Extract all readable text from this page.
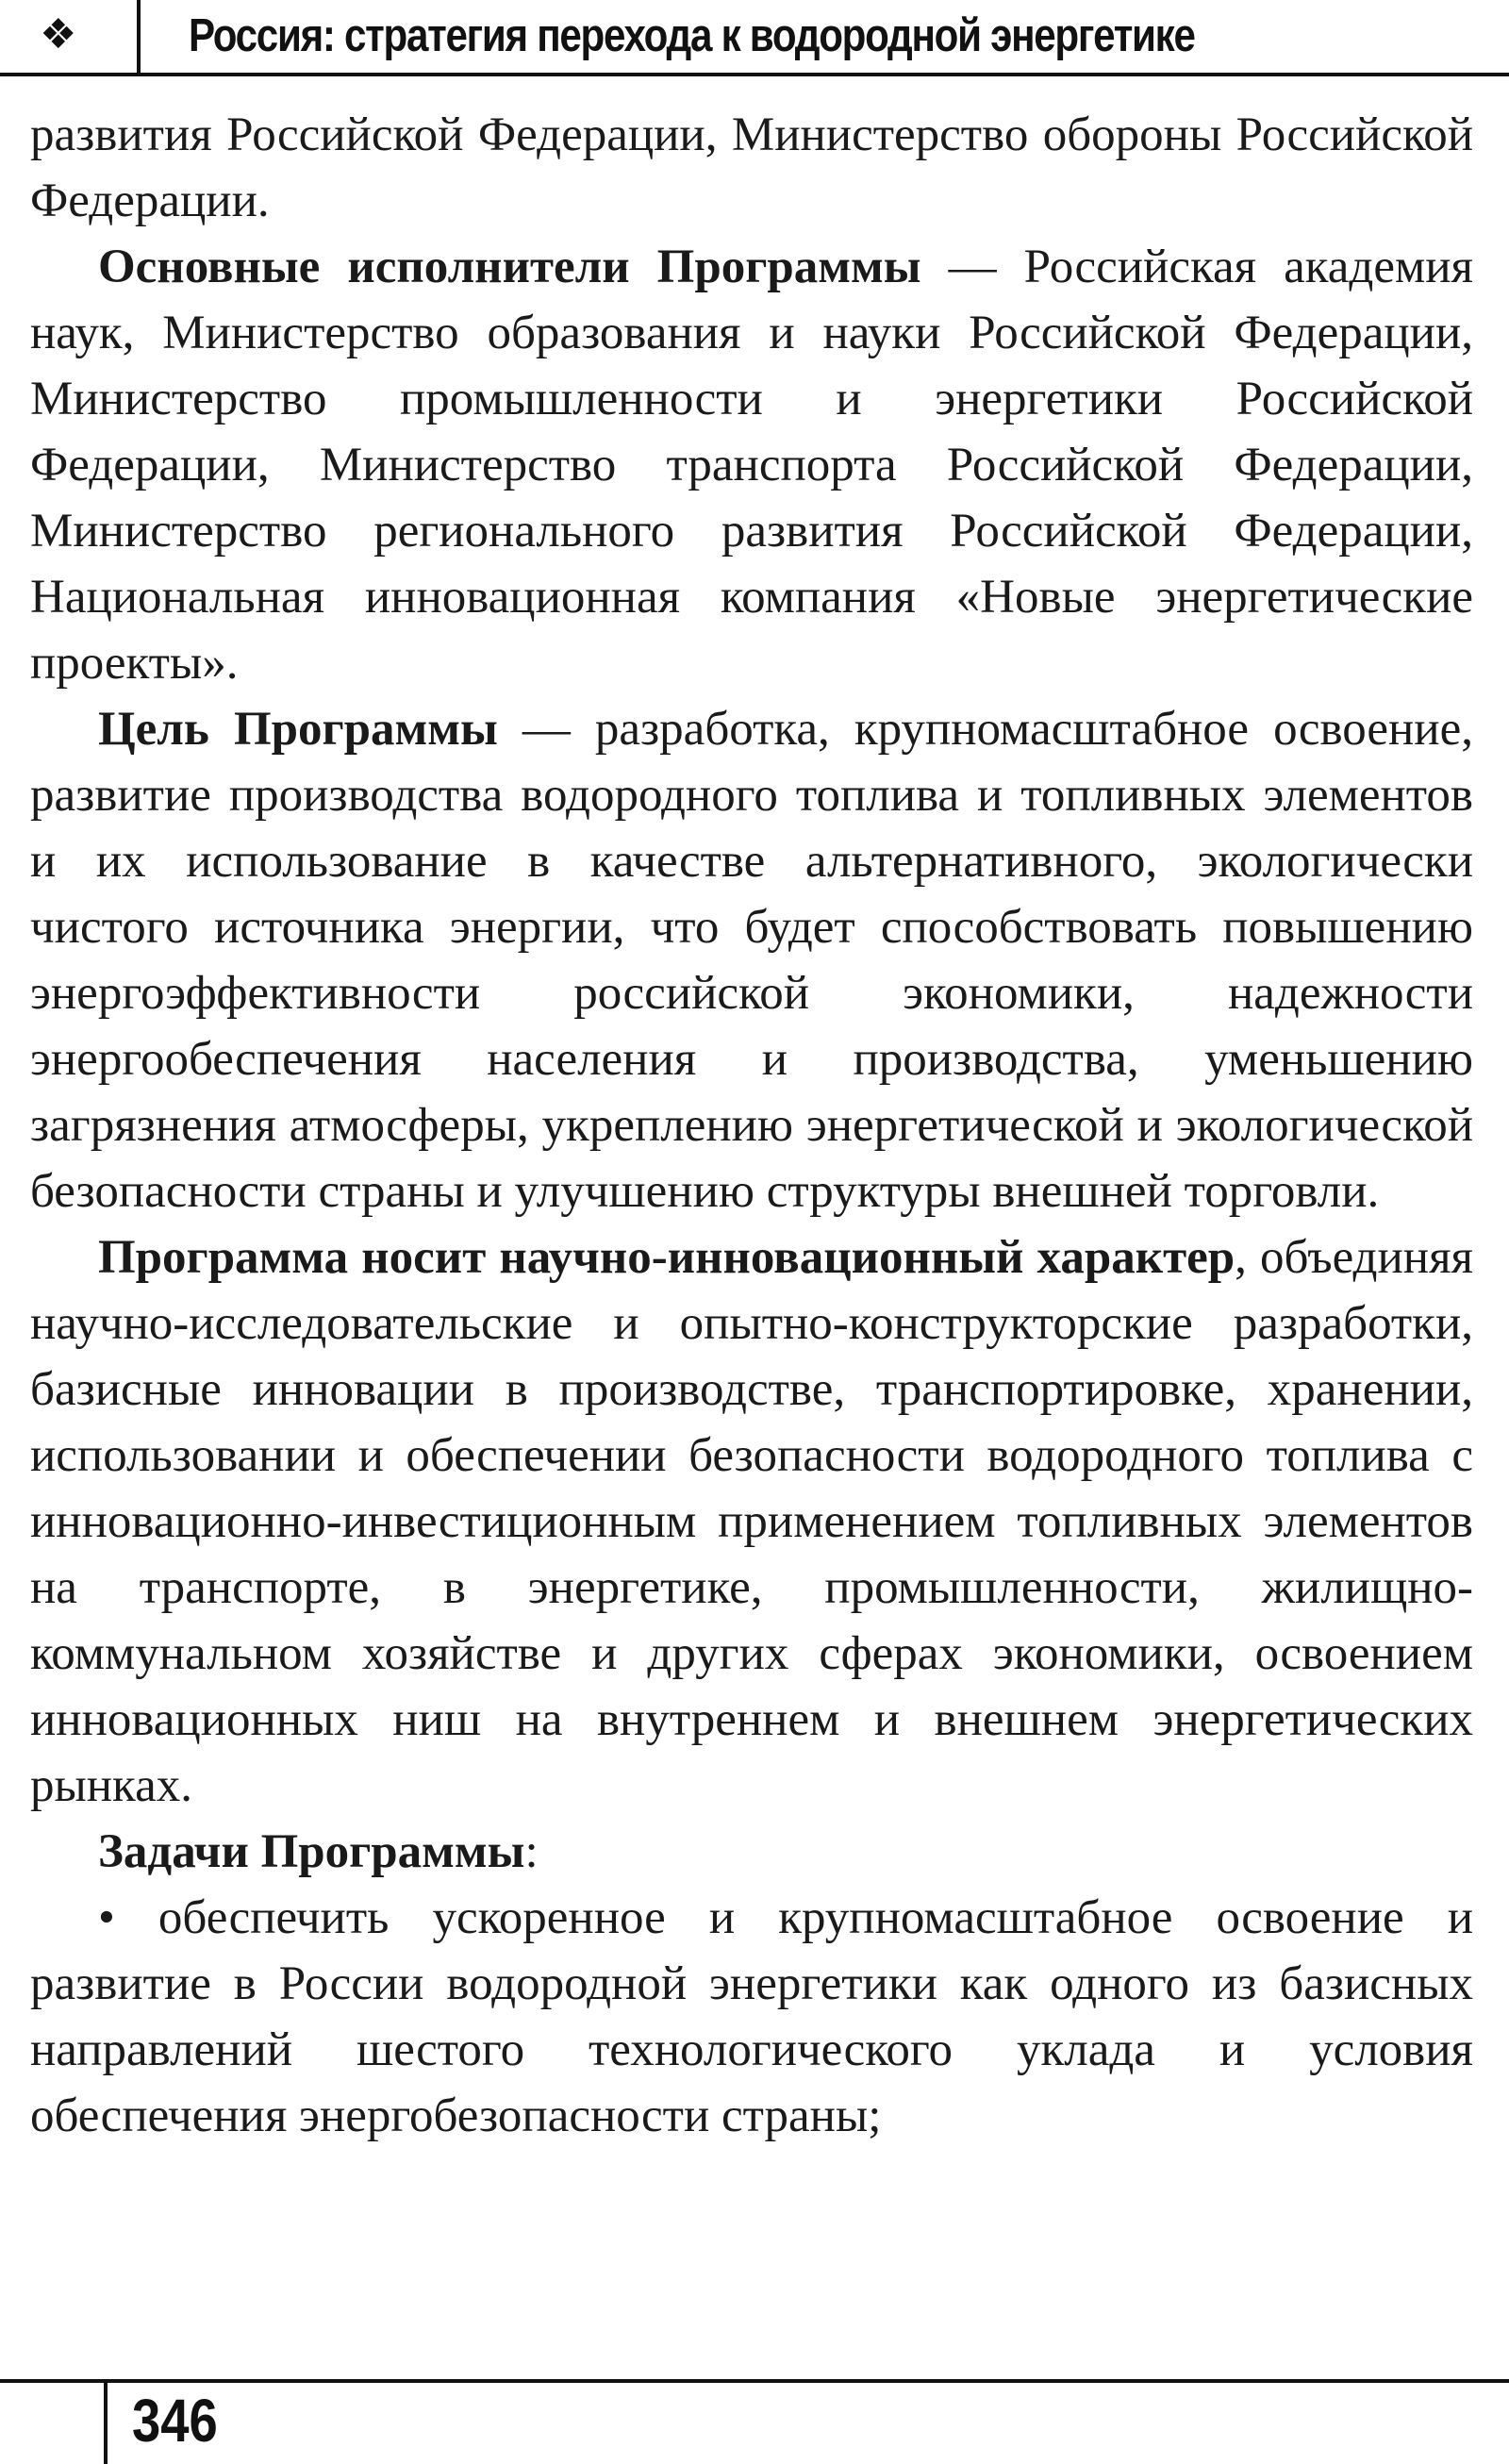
❖ Россия: стратегия перехода к водородной энергетике

развития Российской Федерации, Министерство обороны Российской Федерации.

Основные исполнители Программы — Российская академия наук, Министерство образования и науки Российской Федерации, Министерство промышленности и энергетики Российской Федерации, Министерство транспорта Российской Федерации, Министерство регионального развития Российской Федерации, Национальная инновационная компания «Новые энергетические проекты».

Цель Программы — разработка, крупномасштабное освоение, развитие производства водородного топлива и топливных элементов и их использование в качестве альтернативного, экологически чистого источника энергии, что будет способствовать повышению энергоэффективности российской экономики, надежности энергообеспечения населения и производства, уменьшению загрязнения атмосферы, укреплению энергетической и экологической безопасности страны и улучшению структуры внешней торговли.

Программа носит научно-инновационный характер, объединяя научно-исследовательские и опытно-конструкторские разработки, базисные инновации в производстве, транспортировке, хранении, использовании и обеспечении безопасности водородного топлива с инновационно-инвестиционным применением топливных элементов на транспорте, в энергетике, промышленности, жилищно-коммунальном хозяйстве и других сферах экономики, освоением инновационных ниш на внутреннем и внешнем энергетических рынках.

Задачи Программы:

• обеспечить ускоренное и крупномасштабное освоение и развитие в России водородной энергетики как одного из базисных направлений шестого технологического уклада и условия обеспечения энергобезопасности страны;

346
